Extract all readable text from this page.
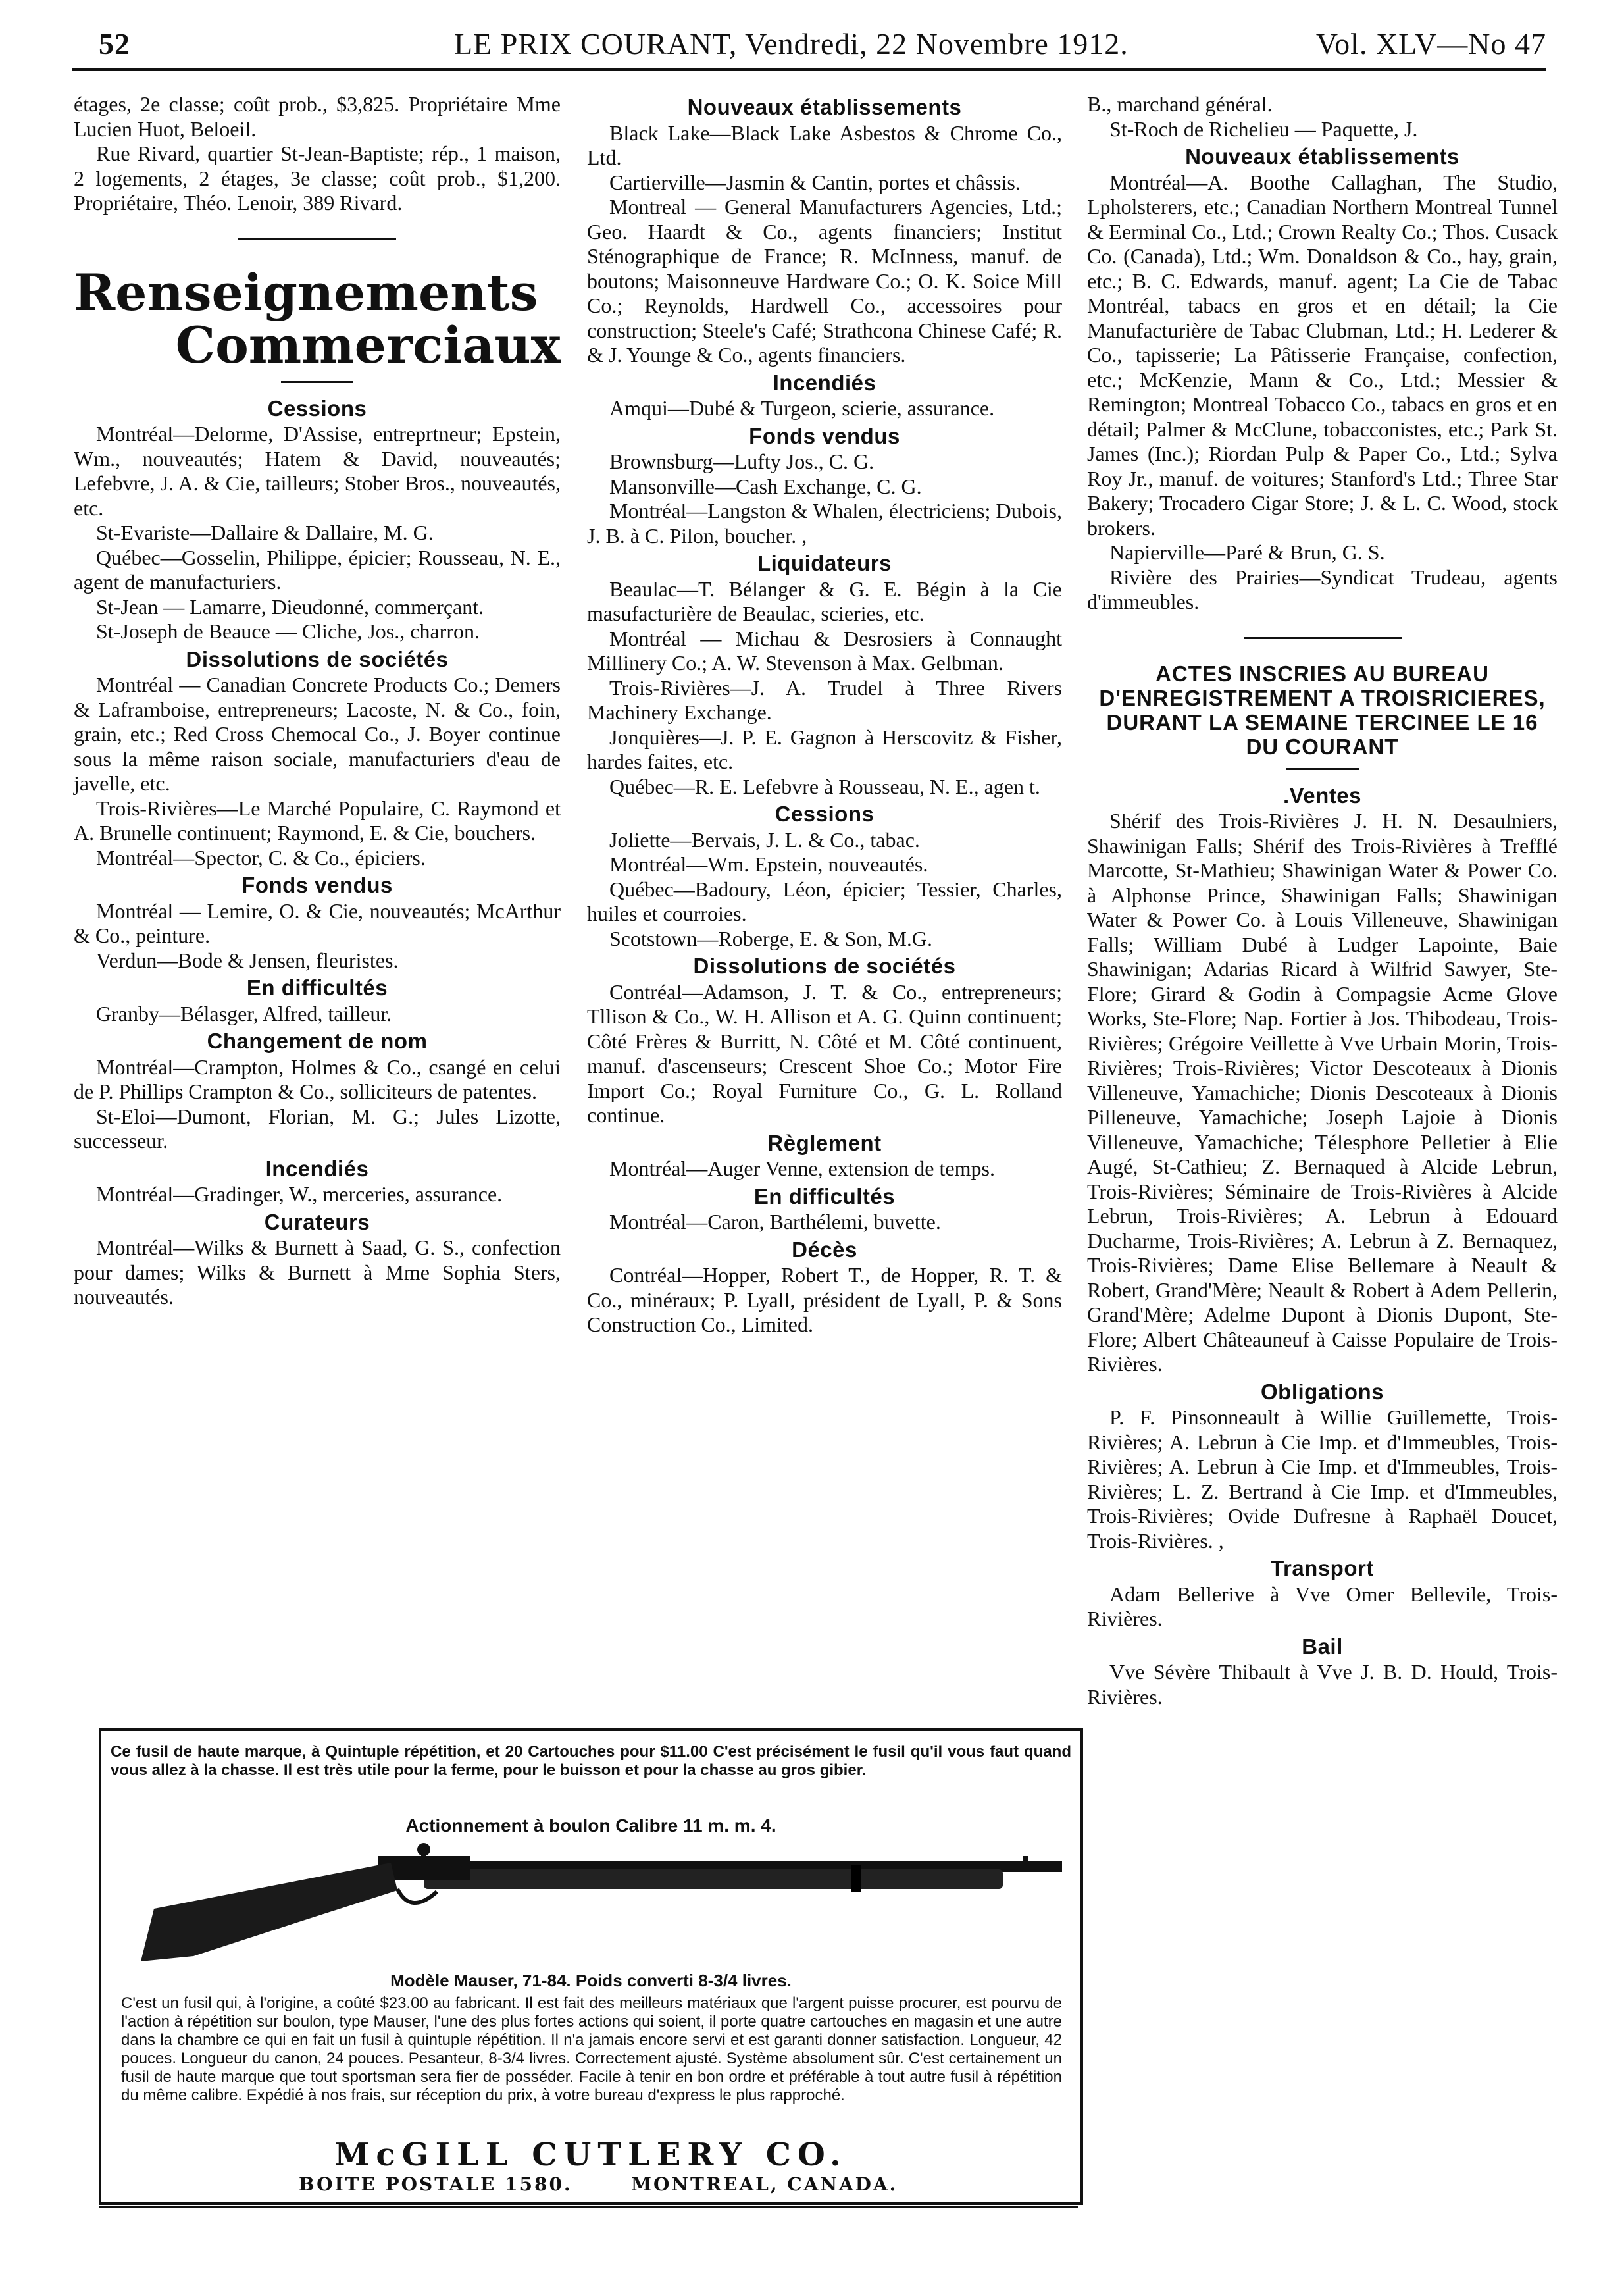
52	LE PRIX COURANT, Vendredi, 22 Novembre 1912.	Vol. XLV—No 47

étages, 2e classe; coût prob., $3,825. Propriétaire Mme Lucien Huot, Beloeil.

Rue Rivard, quartier St-Jean-Baptiste; rép., 1 maison, 2 logements, 2 étages, 3e classe; coût prob., $1,200. Propriétaire, Théo. Lenoir, 389 Rivard.

Renseignements
Commerciaux
Cessions

Montréal—Delorme, D'Assise, entreprtneur; Epstein, Wm., nouveautés; Hatem & David, nouveautés; Lefebvre, J. A. & Cie, tailleurs; Stober Bros., nouveautés, etc.

St-Evariste—Dallaire & Dallaire, M. G.

Québec—Gosselin, Philippe, épicier; Rousseau, N. E., agent de manufacturiers.

St-Jean — Lamarre, Dieudonné, commerçant.

St-Joseph de Beauce — Cliche, Jos., charron.

Dissolutions de sociétés

Montréal — Canadian Concrete Products Co.; Demers & Laframboise, entrepreneurs; Lacoste, N. & Co., foin, grain, etc.; Red Cross Chemocal Co., J. Boyer continue sous la même raison sociale, manufacturiers d'eau de javelle, etc.

Trois-Rivières—Le Marché Populaire, C. Raymond et A. Brunelle continuent; Raymond, E. & Cie, bouchers.

Montréal—Spector, C. & Co., épiciers.

Fonds vendus

Montréal — Lemire, O. & Cie, nouveautés; McArthur & Co., peinture.

Verdun—Bode & Jensen, fleuristes.

En difficultés

Granby—Bélasger, Alfred, tailleur.

Changement de nom

Montréal—Crampton, Holmes & Co., csangé en celui de P. Phillips Crampton & Co., solliciteurs de patentes.

St-Eloi—Dumont, Florian, M. G.; Jules Lizotte, successeur.

Incendiés

Montréal—Gradinger, W., merceries, assurance.

Curateurs

Montréal—Wilks & Burnett à Saad, G. S., confection pour dames; Wilks & Burnett à Mme Sophia Sters, nouveautés.

Nouveaux établissements

Black Lake—Black Lake Asbestos & Chrome Co., Ltd.

Cartierville—Jasmin & Cantin, portes et châssis.

Montreal — General Manufacturers Agencies, Ltd.; Geo. Haardt & Co., agents financiers; Institut Sténographique de France; R. McInness, manuf. de boutons; Maisonneuve Hardware Co.; O. K. Soice Mill Co.; Reynolds, Hardwell Co., accessoires pour construction; Steele's Café; Strathcona Chinese Café; R. & J. Younge & Co., agents financiers.

Incendiés

Amqui—Dubé & Turgeon, scierie, assurance.

Fonds vendus

Brownsburg—Lufty Jos., C. G.

Mansonville—Cash Exchange, C. G.

Montréal—Langston & Whalen, électriciens; Dubois, J. B. à C. Pilon, boucher. ,

Liquidateurs

Beaulac—T. Bélanger & G. E. Bégin à la Cie masufacturière de Beaulac, scieries, etc.

Montréal — Michau & Desrosiers à Connaught Millinery Co.; A. W. Stevenson à Max. Gelbman.

Trois-Rivières—J. A. Trudel à Three Rivers Machinery Exchange.

Jonquières—J. P. E. Gagnon à Herscovitz & Fisher, hardes faites, etc.

Québec—R. E. Lefebvre à Rousseau, N. E., agen t.

Cessions

Joliette—Bervais, J. L. & Co., tabac.

Montréal—Wm. Epstein, nouveautés.

Québec—Badoury, Léon, épicier; Tessier, Charles, huiles et courroies.

Scotstown—Roberge, E. & Son, M.G.

Dissolutions de sociétés

Contréal—Adamson, J. T. & Co., entrepreneurs; Tllison & Co., W. H. Allison et A. G. Quinn continuent; Côté Frères & Burritt, N. Côté et M. Côté continuent, manuf. d'ascenseurs; Crescent Shoe Co.; Motor Fire Import Co.; Royal Furniture Co., G. L. Rolland continue.

Règlement

Montréal—Auger Venne, extension de temps.

En difficultés

Montréal—Caron, Barthélemi, buvette.

Décès

Contréal—Hopper, Robert T., de Hopper, R. T. & Co., minéraux; P. Lyall, président de Lyall, P. & Sons Construction Co., Limited.

B., marchand général.

St-Roch de Richelieu — Paquette, J.

Nouveaux établissements

Montréal—A. Boothe Callaghan, The Studio, Lpholsterers, etc.; Canadian Northern Montreal Tunnel & Eerminal Co., Ltd.; Crown Realty Co.; Thos. Cusack Co. (Canada), Ltd.; Wm. Donaldson & Co., hay, grain, etc.; B. C. Edwards, manuf. agent; La Cie de Tabac Montréal, tabacs en gros et en détail; la Cie Manufacturière de Tabac Clubman, Ltd.; H. Lederer & Co., tapisserie; La Pâtisserie Française, confection, etc.; McKenzie, Mann & Co., Ltd.; Messier & Remington; Montreal Tobacco Co., tabacs en gros et en détail; Palmer & McClune, tobacconistes, etc.; Park St. James (Inc.); Riordan Pulp & Paper Co., Ltd.; Sylva Roy Jr., manuf. de voitures; Stanford's Ltd.; Three Star Bakery; Trocadero Cigar Store; J. & L. C. Wood, stock brokers.

Napierville—Paré & Brun, G. S.

Rivière des Prairies—Syndicat Trudeau, agents d'immeubles.

ACTES INSCRIES AU BUREAU D'ENREGISTREMENT A TROISRICIERES, DURANT LA SEMAINE TERCINEE LE 16 DU COURANT
.Ventes

Shérif des Trois-Rivières J. H. N. Desaulniers, Shawinigan Falls; Shérif des Trois-Rivières à Trefflé Marcotte, St-Mathieu; Shawinigan Water & Power Co. à Alphonse Prince, Shawinigan Falls; Shawinigan Water & Power Co. à Louis Villeneuve, Shawinigan Falls; William Dubé à Ludger Lapointe, Baie Shawinigan; Adarias Ricard à Wilfrid Sawyer, Ste-Flore; Girard & Godin à Compagsie Acme Glove Works, Ste-Flore; Nap. Fortier à Jos. Thibodeau, Trois-Rivières; Grégoire Veillette à Vve Urbain Morin, Trois-Rivières; Trois-Rivières; Victor Descoteaux à Dionis Villeneuve, Yamachiche; Dionis Descoteaux à Dionis Pilleneuve, Yamachiche; Joseph Lajoie à Dionis Villeneuve, Yamachiche; Télesphore Pelletier à Elie Augé, St-Cathieu; Z. Bernaqued à Alcide Lebrun, Trois-Rivières; Séminaire de Trois-Rivières à Alcide Lebrun, Trois-Rivières; A. Lebrun à Edouard Ducharme, Trois-Rivières; A. Lebrun à Z. Bernaquez, Trois-Rivières; Dame Elise Bellemare à Neault & Robert, Grand'Mère; Neault & Robert à Adem Pellerin, Grand'Mère; Adelme Dupont à Dionis Dupont, Ste-Flore; Albert Châteauneuf à Caisse Populaire de Trois-Rivières.

Obligations

P. F. Pinsonneault à Willie Guillemette, Trois-Rivières; A. Lebrun à Cie Imp. et d'Immeubles, Trois-Rivières; A. Lebrun à Cie Imp. et d'Immeubles, Trois-Rivières; L. Z. Bertrand à Cie Imp. et d'Immeubles, Trois-Rivières; Ovide Dufresne à Raphaël Doucet, Trois-Rivières. ,

Transport

Adam Bellerive à Vve Omer Bellevile, Trois-Rivières.

Bail

Vve Sévère Thibault à Vve J. B. D. Hould, Trois-Rivières.

Ce fusil de haute marque, à Quintuple répétition, et 20 Cartouches pour $11.00 C'est précisément le fusil qu'il vous faut quand vous allez à la chasse. Il est très utile pour la ferme, pour le buisson et pour la chasse au gros gibier.
Actionnement à boulon Calibre 11 m. m. 4.
Modèle Mauser, 71-84. Poids converti 8-3/4 livres.
C'est un fusil qui, à l'origine, a coûté $23.00 au fabricant. Il est fait des meilleurs matériaux que l'argent puisse procurer, est pourvu de l'action à répétition sur boulon, type Mauser, l'une des plus fortes actions qui soient, il porte quatre cartouches en magasin et une autre dans la chambre ce qui en fait un fusil à quintuple répétition. Il n'a jamais encore servi et est garanti donner satisfaction. Longueur, 42 pouces. Longueur du canon, 24 pouces. Pesanteur, 8-3/4 livres. Correctement ajusté. Système absolument sûr. C'est certainement un fusil de haute marque que tout sportsman sera fier de posséder. Facile à tenir en bon ordre et préférable à tout autre fusil à répétition du même calibre. Expédié à nos frais, sur réception du prix, à votre bureau d'express le plus rapproché.
McGILL CUTLERY CO.
BOITE POSTALE 1580.	MONTREAL, CANADA.
